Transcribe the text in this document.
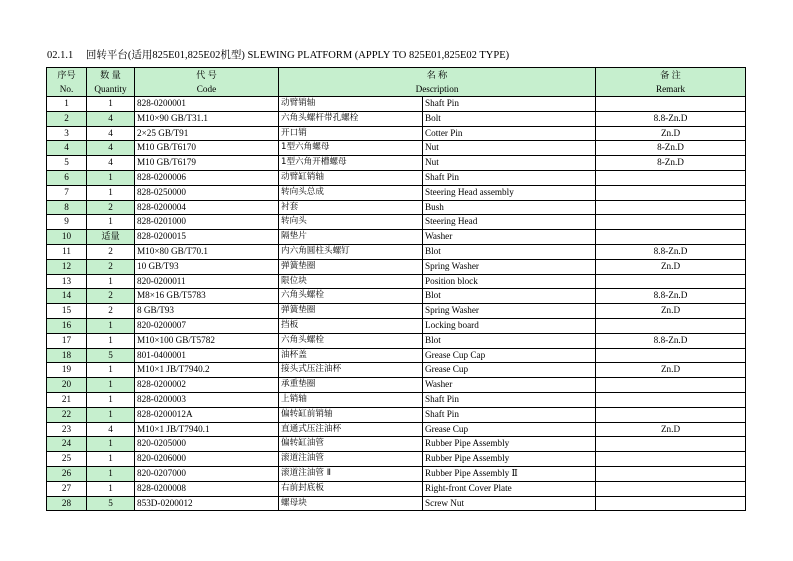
02.1.1 回转平台(适用825E01,825E02机型) SLEWING PLATFORM (APPLY TO 825E01,825E02 TYPE)
序号	数 量	代 号	名 称		备 注
No.	Quantity	Code	Description		Remark
1	1	828-0200001	动臂销轴	Shaft Pin	
2	4	M10×90 GB/T31.1	六角头螺杆带孔螺栓	Bolt	8.8-Zn.D
3	4	2×25 GB/T91	开口销	Cotter Pin	Zn.D
4	4	M10 GB/T6170	1型六角螺母	Nut	8-Zn.D
5	4	M10 GB/T6179	1型六角开槽螺母	Nut	8-Zn.D
6	1	828-0200006	动臂缸销轴	Shaft Pin	
7	1	828-0250000	转向头总成	Steering Head assembly	
8	2	828-0200004	衬套	Bush	
9	1	828-0201000	转向头	Steering Head	
10	适量	828-0200015	隔垫片	Washer	
11	2	M10×80 GB/T70.1	内六角圆柱头螺钉	Blot	8.8-Zn.D
12	2	10 GB/T93	弹簧垫圈	Spring Washer	Zn.D
13	1	820-0200011	限位块	Position block	
14	2	M8×16 GB/T5783	六角头螺栓	Blot	8.8-Zn.D
15	2	8 GB/T93	弹簧垫圈	Spring Washer	Zn.D
16	1	820-0200007	挡板	Locking board	
17	1	M10×100 GB/T5782	六角头螺栓	Blot	8.8-Zn.D
18	5	801-0400001	油杯盖	Grease Cup Cap	
19	1	M10×1 JB/T7940.2	接头式压注油杯	Grease Cup	Zn.D
20	1	828-0200002	承重垫圈	Washer	
21	1	828-0200003	上销轴	Shaft Pin	
22	1	828-0200012A	偏转缸前销轴	Shaft Pin	
23	4	M10×1 JB/T7940.1	直通式压注油杯	Grease Cup	Zn.D
24	1	820-0205000	偏转缸油管	Rubber Pipe Assembly	
25	1	820-0206000	滚道注油管	Rubber Pipe Assembly	
26	1	820-0207000	滚道注油管 Ⅱ	Rubber Pipe Assembly Ⅱ	
27	1	828-0200008	右前封底板	Right-front Cover Plate	
28	5	853D-0200012	螺母块	Screw Nut	
